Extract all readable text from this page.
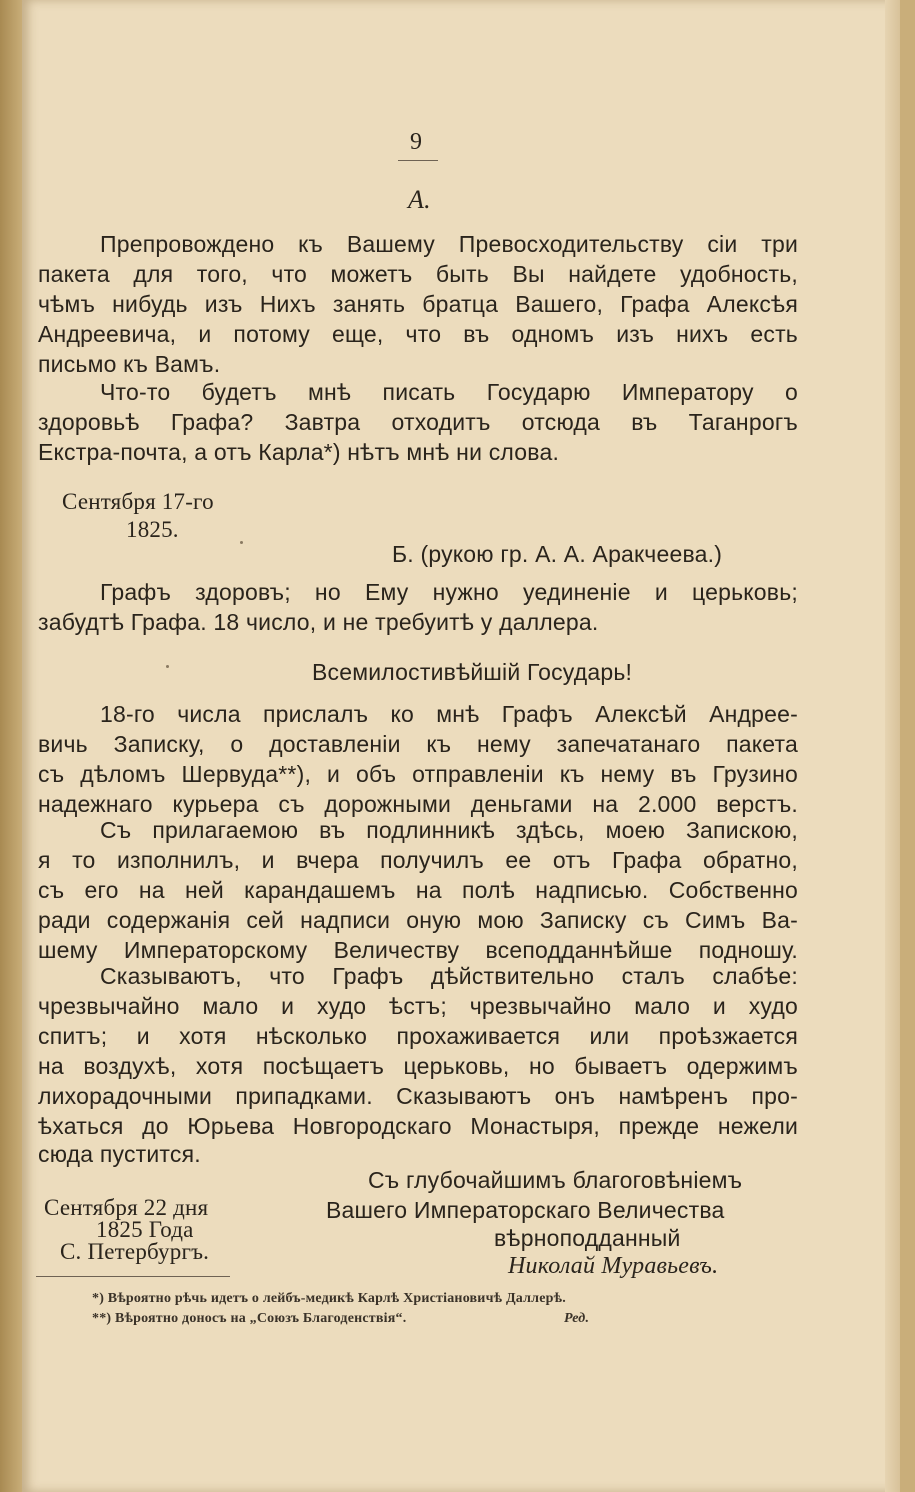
9

А.

Препровождено къ Вашему Превосходительству сіи три

пакета для того, что можетъ быть Вы найдете удобность,

чѣмъ нибудь изъ Нихъ занять братца Вашего, Графа Алексѣя

Андреевича, и потому еще, что въ одномъ изъ нихъ есть

письмо къ Вамъ.

Что-то будетъ мнѣ писать Государю Императору о

здоровьѣ Графа? Завтра отходитъ отсюда въ Таганрогъ

Екстра-почта, а отъ Карла*) нѣтъ мнѣ ни слова.

Сентября 17-го

1825.

Б. (рукою гр. А. А. Аракчеева.)

Графъ здоровъ; но Ему нужно уединеніе и церьковь;

забудтѣ Графа. 18 число, и не требуитѣ у даллера.

Всемилостивѣйшій Государь!

18-го числа прислалъ ко мнѣ Графъ Алексѣй Андрее-

вичь Записку, о доставленіи къ нему запечатанаго пакета

съ дѣломъ Шервуда**), и объ отправленіи къ нему въ Грузино

надежнаго курьера съ дорожными деньгами на 2.000 верстъ.

Съ прилагаемою въ подлинникѣ здѣсь, моею Запискою,

я то изполнилъ, и вчера получилъ ее отъ Графа обратно,

съ его на ней карандашемъ на полѣ надписью. Собственно

ради содержанія сей надписи оную мою Записку съ Симъ Ва-

шему Императорскому Величеству всеподданнѣйше подношу.

Сказываютъ, что Графъ дѣйствительно сталъ слабѣе:

чрезвычайно мало и худо ѣстъ; чрезвычайно мало и худо

спитъ; и хотя нѣсколько прохаживается или проѣзжается

на воздухѣ, хотя посѣщаетъ церьковь, но бываетъ одержимъ

лихорадочными припадками. Сказываютъ онъ намѣренъ про-

ѣхаться до Юрьева Новгородскаго Монастыря, прежде нежели

сюда пустится.

Съ глубочайшимъ благоговѣніемъ

Вашего Императорскаго Величества

вѣрноподданный

Николай Муравьевъ.

Сентября 22 дня

1825 Года

С. Петербургъ.

*) Вѣроятно рѣчь идетъ о лейбъ-медикѣ Карлѣ Христіановичѣ Даллерѣ.

**) Вѣроятно доносъ на „Союзъ Благоденствія“.	Ред.
